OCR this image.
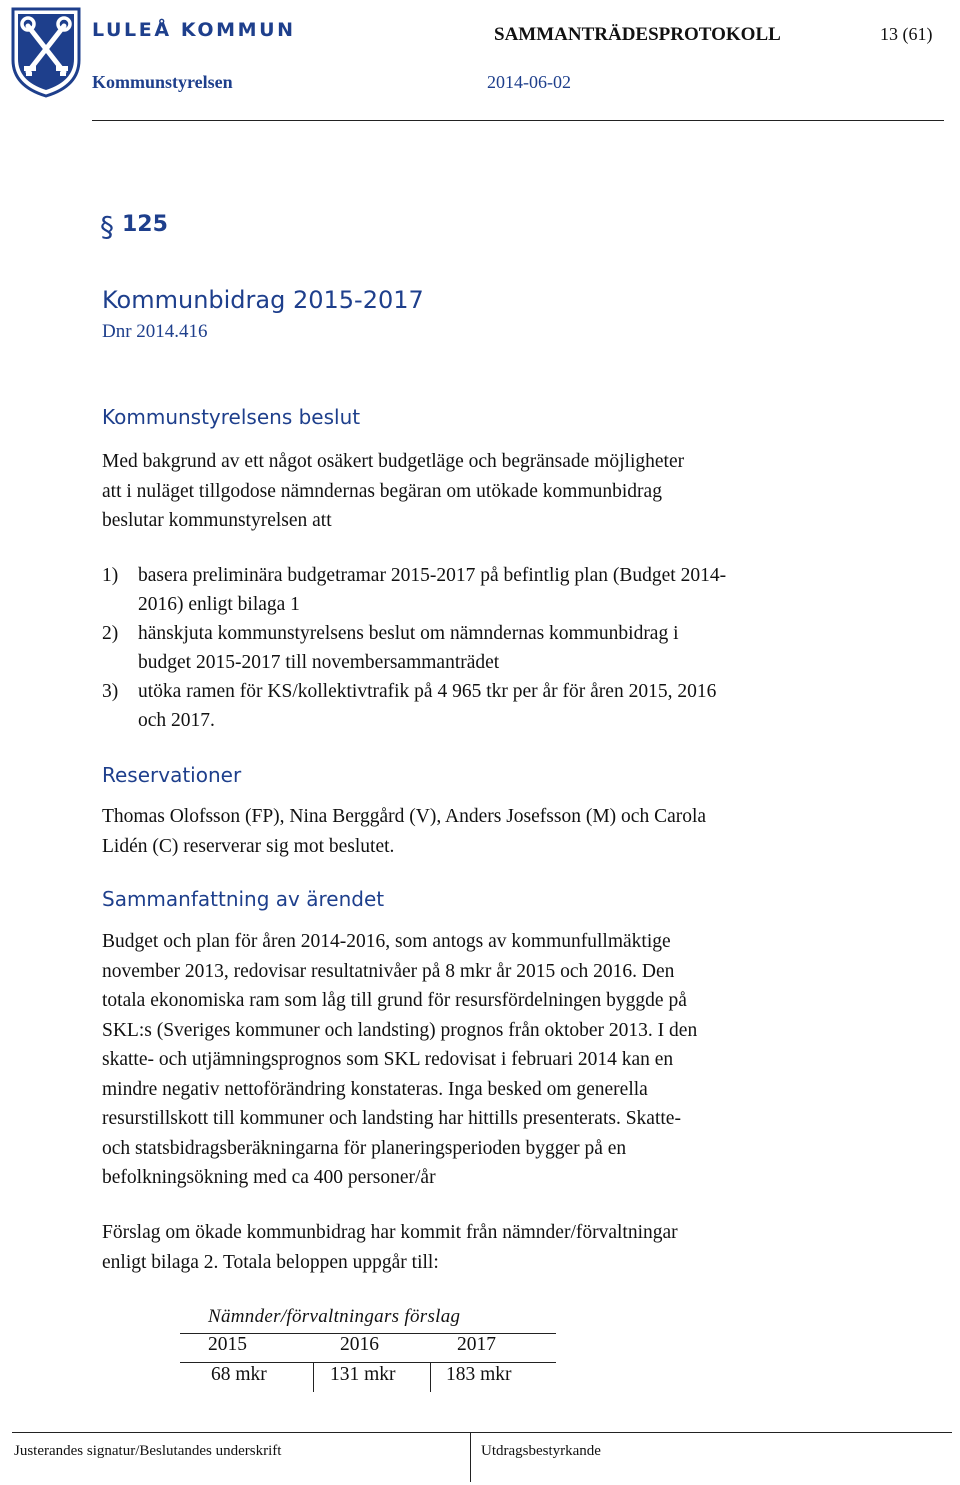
LULEÅ KOMMUN
Kommunstyrelsen	2014-06-02
SAMMANTRÄDESPROTOKOLL	13 (61)
§ 125
Kommunbidrag 2015-2017
Dnr 2014.416
Kommunstyrelsens beslut
Med bakgrund av ett något osäkert budgetläge och begränsade möjligheter
att i nuläget tillgodose nämndernas begäran om utökade kommunbidrag
beslutar kommunstyrelsen att
1) basera preliminära budgetramar 2015-2017 på befintlig plan (Budget 2014-
2016) enligt bilaga 1
2) hänskjuta kommunstyrelsens beslut om nämndernas kommunbidrag i
budget 2015-2017 till novembersammanträdet
3) utöka ramen för KS/kollektivtrafik på 4 965 tkr per år för åren 2015, 2016
och 2017.
Reservationer
Thomas Olofsson (FP), Nina Berggård (V), Anders Josefsson (M) och Carola
Lidén (C) reserverar sig mot beslutet.
Sammanfattning av ärendet
Budget och plan för åren 2014-2016, som antogs av kommunfullmäktige
november 2013, redovisar resultatnivåer på 8 mkr år 2015 och 2016. Den
totala ekonomiska ram som låg till grund för resursfördelningen byggde på
SKL:s (Sveriges kommuner och landsting) prognos från oktober 2013. I den
skatte- och utjämningsprognos som SKL redovisat i februari 2014 kan en
mindre negativ nettoförändring konstateras. Inga besked om generella
resurstillskott till kommuner och landsting har hittills presenterats. Skatte-
och statsbidragsberäkningarna för planeringsperioden bygger på en
befolkningsökning med ca 400 personer/år
Förslag om ökade kommunbidrag har kommit från nämnder/förvaltningar
enligt bilaga 2. Totala beloppen uppgår till:
Nämnder/förvaltningars förslag
2015	2016	2017
68 mkr	131 mkr	183 mkr
Justerandes signatur/Beslutandes underskrift	Utdragsbestyrkande
